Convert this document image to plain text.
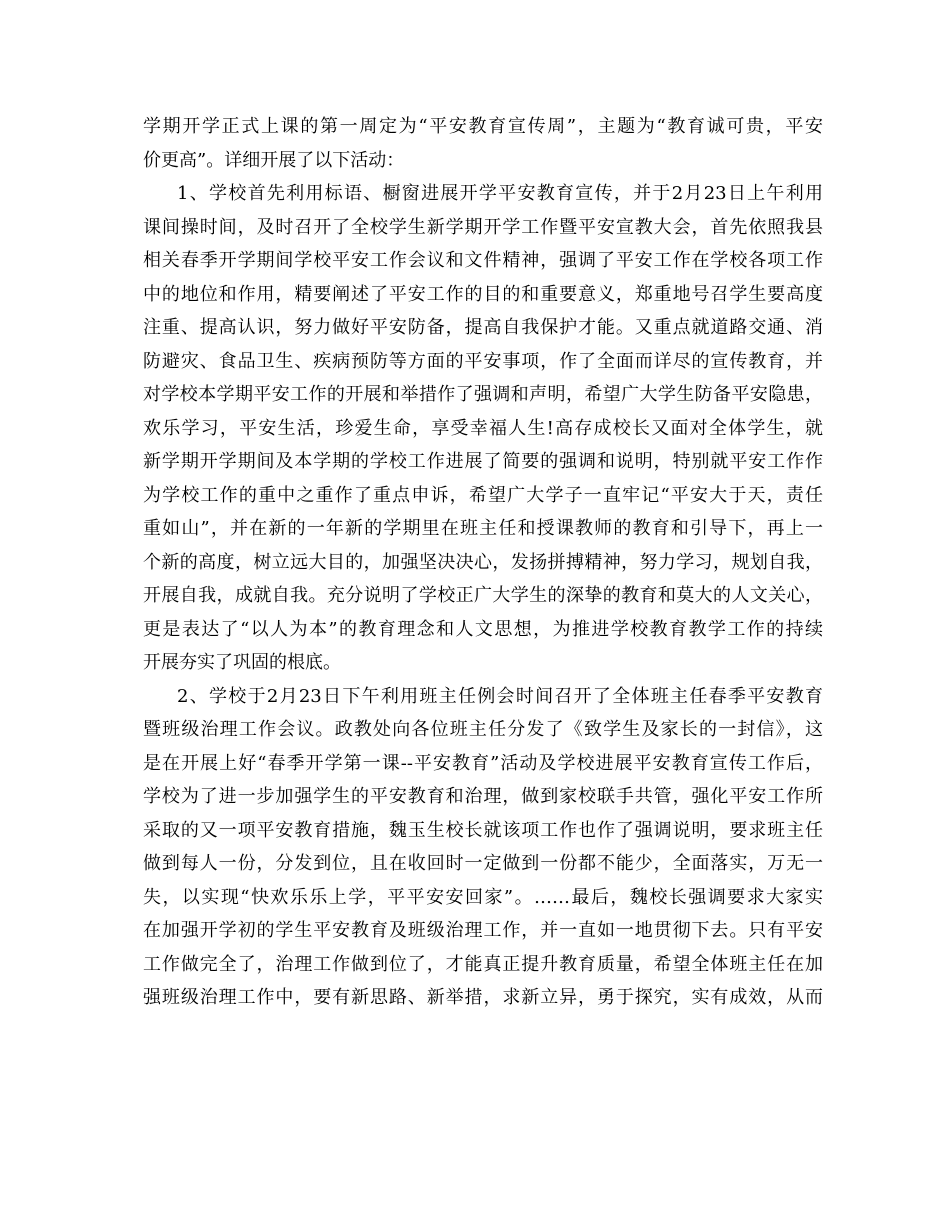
学期开学正式上课的第一周定为“平安教育宣传周”，主题为“教育诚可贵，平安
价更高”。详细开展了以下活动：
1、学校首先利用标语、橱窗进展开学平安教育宣传，并于2月23日上午利用
课间操时间，及时召开了全校学生新学期开学工作暨平安宣教大会，首先依照我县
相关春季开学期间学校平安工作会议和文件精神，强调了平安工作在学校各项工作
中的地位和作用，精要阐述了平安工作的目的和重要意义，郑重地号召学生要高度
注重、提高认识，努力做好平安防备，提高自我保护才能。又重点就道路交通、消
防避灾、食品卫生、疾病预防等方面的平安事项，作了全面而详尽的宣传教育，并
对学校本学期平安工作的开展和举措作了强调和声明，希望广大学生防备平安隐患，
欢乐学习，平安生活，珍爱生命，享受幸福人生!高存成校长又面对全体学生，就
新学期开学期间及本学期的学校工作进展了简要的强调和说明，特别就平安工作作
为学校工作的重中之重作了重点申诉，希望广大学子一直牢记“平安大于天，责任
重如山”，并在新的一年新的学期里在班主任和授课教师的教育和引导下，再上一
个新的高度，树立远大目的，加强坚决决心，发扬拼搏精神，努力学习，规划自我，
开展自我，成就自我。充分说明了学校正广大学生的深挚的教育和莫大的人文关心，
更是表达了“以人为本”的教育理念和人文思想，为推进学校教育教学工作的持续
开展夯实了巩固的根底。
2、学校于2月23日下午利用班主任例会时间召开了全体班主任春季平安教育
暨班级治理工作会议。政教处向各位班主任分发了《致学生及家长的一封信》，这
是在开展上好“春季开学第一课--平安教育”活动及学校进展平安教育宣传工作后，
学校为了进一步加强学生的平安教育和治理，做到家校联手共管，强化平安工作所
采取的又一项平安教育措施，魏玉生校长就该项工作也作了强调说明，要求班主任
做到每人一份，分发到位，且在收回时一定做到一份都不能少，全面落实，万无一
失，以实现“快欢乐乐上学，平平安安回家”。……最后，魏校长强调要求大家实
在加强开学初的学生平安教育及班级治理工作，并一直如一地贯彻下去。只有平安
工作做完全了，治理工作做到位了，才能真正提升教育质量，希望全体班主任在加
强班级治理工作中，要有新思路、新举措，求新立异，勇于探究，实有成效，从而
